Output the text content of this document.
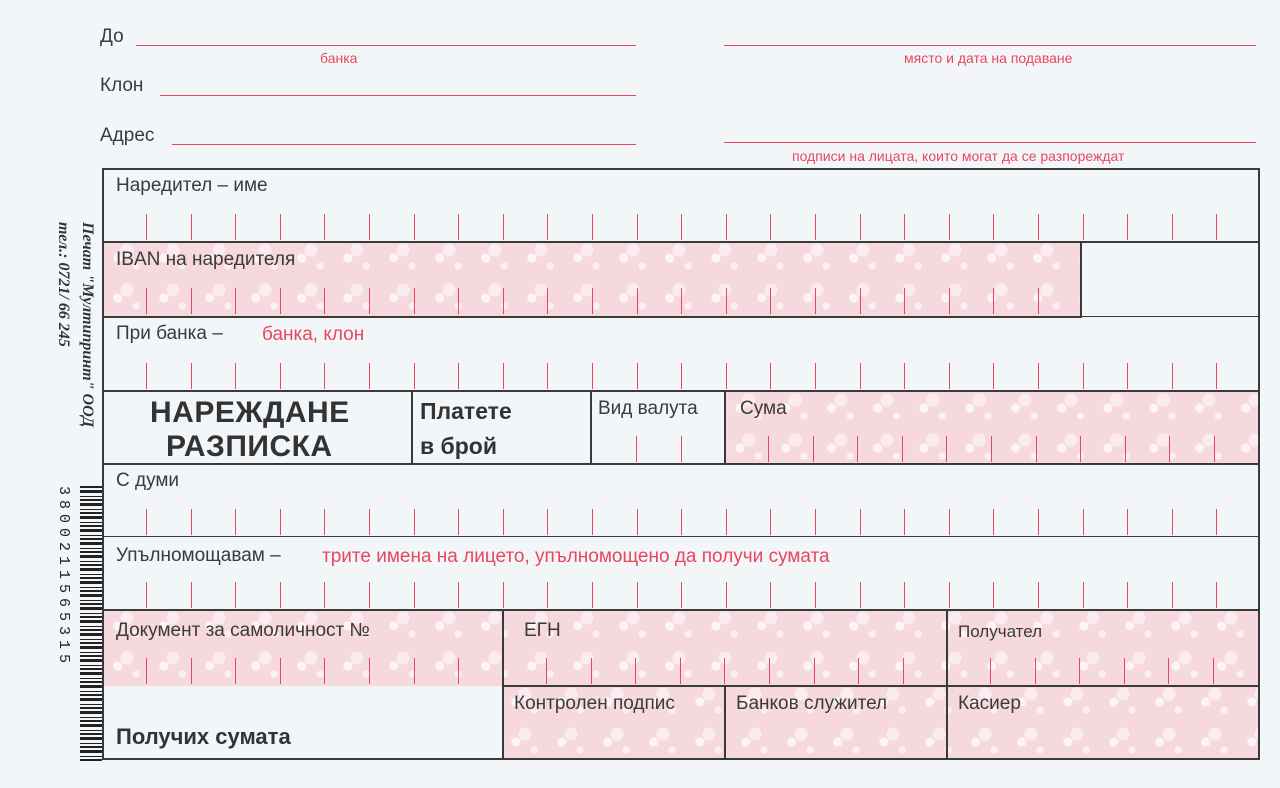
До
банка
Клон
Адрес
място и дата на подаване
подписи на лицата, които могат да се разпореждат
Наредител – име
IBAN на наредителя
При банка – банка, клон
НАРЕЖДАНЕ
РАЗПИСКА
Платете
в брой
Вид валута Сума
С думи
Упълномощавам – трите имена на лицето, упълномощено да получи сумата
Документ за самоличност №	ЕГН	Получател
Контролен подпис	Банков служител	Касиер
Получих сумата
Печат "Мултипринт" ООД
тел.: 0721/ 66 245
3800211565315
